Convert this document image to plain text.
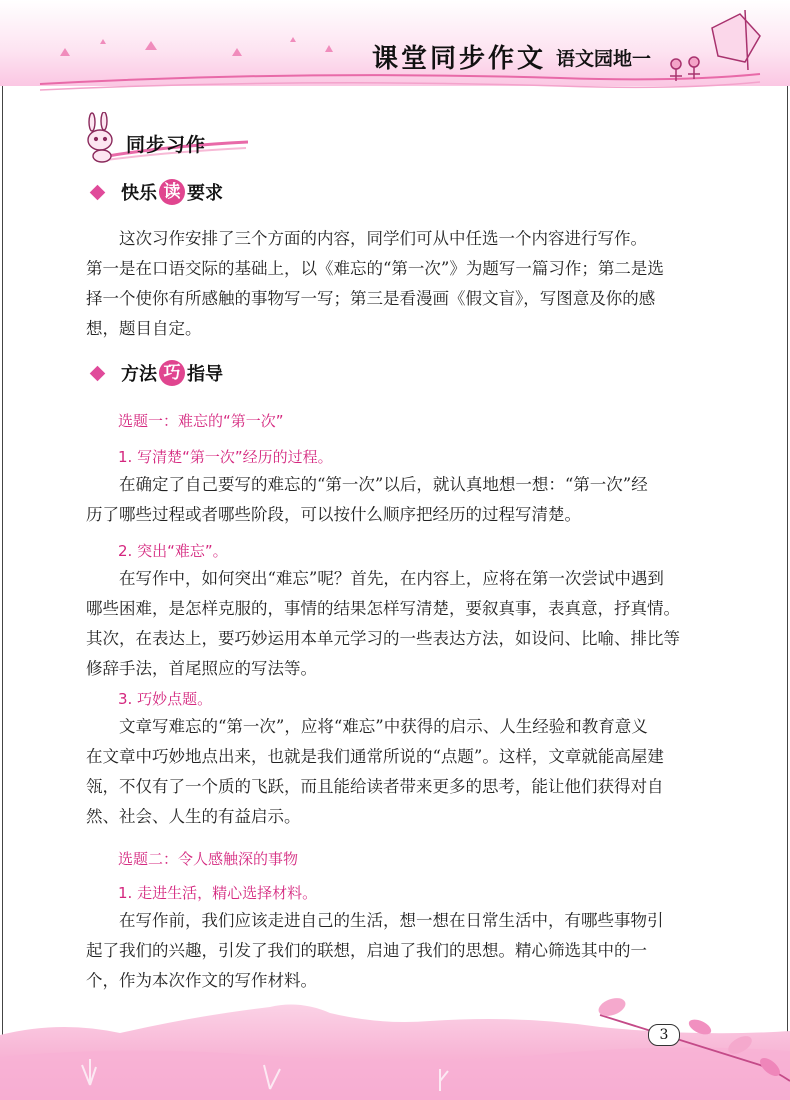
课堂同步作文 语文园地一
同步习作
快乐 读 要求
这次习作安排了三个方面的内容，同学们可从中任选一个内容进行写作。
第一是在口语交际的基础上，以《难忘的“第一次”》为题写一篇习作；第二是选
择一个使你有所感触的事物写一写；第三是看漫画《假文盲》，写图意及你的感
想，题目自定。
方法 巧 指导
选题一：难忘的“第一次”
1. 写清楚“第一次”经历的过程。
在确定了自己要写的难忘的“第一次”以后，就认真地想一想：“第一次”经
历了哪些过程或者哪些阶段，可以按什么顺序把经历的过程写清楚。
2. 突出“难忘”。
在写作中，如何突出“难忘”呢？首先，在内容上，应将在第一次尝试中遇到
哪些困难，是怎样克服的，事情的结果怎样写清楚，要叙真事，表真意，抒真情。
其次，在表达上，要巧妙运用本单元学习的一些表达方法，如设问、比喻、排比等
修辞手法，首尾照应的写法等。
3. 巧妙点题。
文章写难忘的“第一次”，应将“难忘”中获得的启示、人生经验和教育意义
在文章中巧妙地点出来，也就是我们通常所说的“点题”。这样，文章就能高屋建
瓴，不仅有了一个质的飞跃，而且能给读者带来更多的思考，能让他们获得对自
然、社会、人生的有益启示。
选题二：令人感触深的事物
1. 走进生活，精心选择材料。
在写作前，我们应该走进自己的生活，想一想在日常生活中，有哪些事物引
起了我们的兴趣，引发了我们的联想，启迪了我们的思想。精心筛选其中的一
个，作为本次作文的写作材料。
3
